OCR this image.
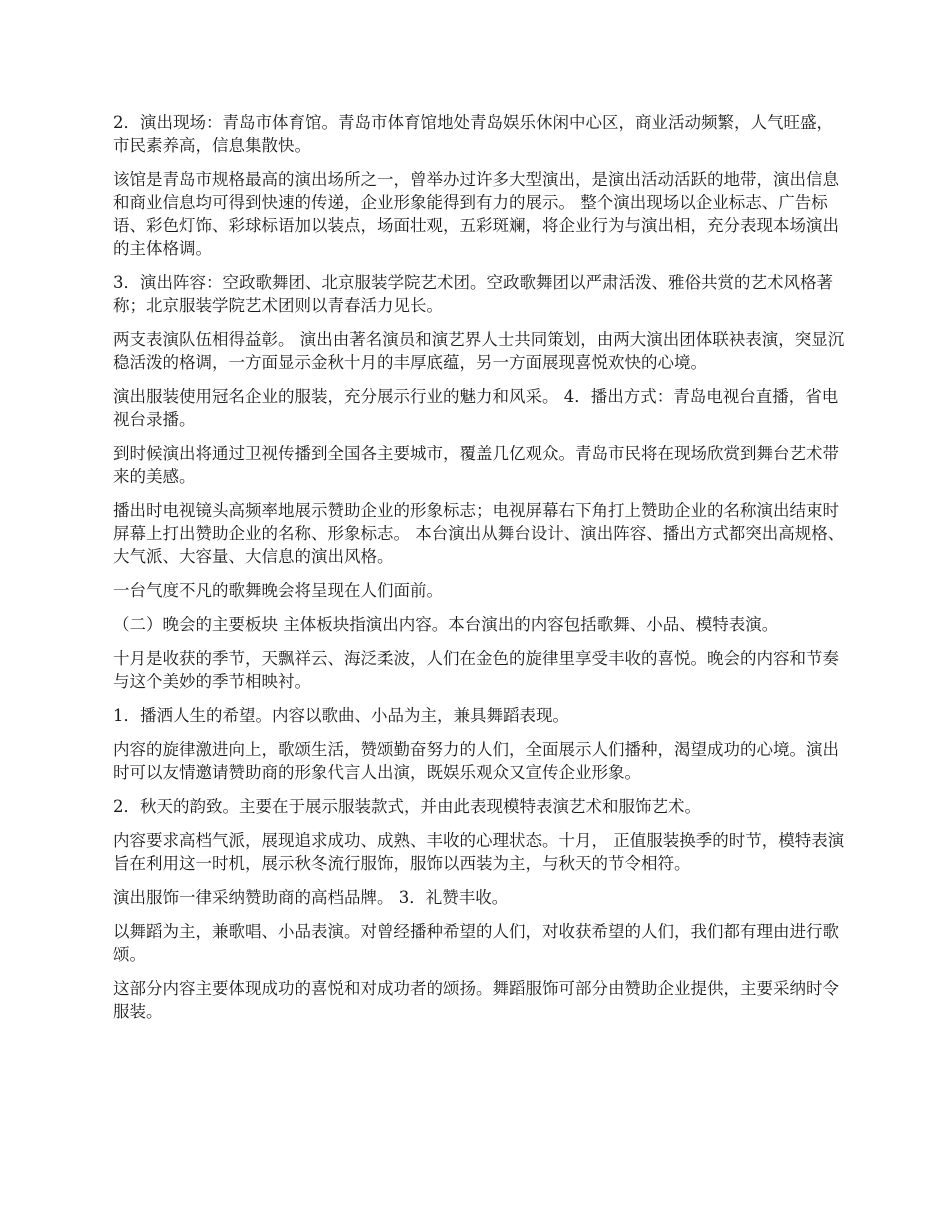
2．演出现场：青岛市体育馆。青岛市体育馆地处青岛娱乐休闲中心区，商业活动频繁，人气旺盛，市民素养高，信息集散快。

该馆是青岛市规格最高的演出场所之一，曾举办过许多大型演出，是演出活动活跃的地带，演出信息和商业信息均可得到快速的传递，企业形象能得到有力的展示。 整个演出现场以企业标志、广告标语、彩色灯饰、彩球标语加以装点，场面壮观，五彩斑斓，将企业行为与演出相，充分表现本场演出的主体格调。

3．演出阵容：空政歌舞团、北京服装学院艺术团。空政歌舞团以严肃活泼、雅俗共赏的艺术风格著称；北京服装学院艺术团则以青春活力见长。

两支表演队伍相得益彰。 演出由著名演员和演艺界人士共同策划，由两大演出团体联袂表演，突显沉稳活泼的格调，一方面显示金秋十月的丰厚底蕴，另一方面展现喜悦欢快的心境。

演出服装使用冠名企业的服装，充分展示行业的魅力和风采。 4．播出方式：青岛电视台直播，省电视台录播。

到时候演出将通过卫视传播到全国各主要城市，覆盖几亿观众。青岛市民将在现场欣赏到舞台艺术带来的美感。

播出时电视镜头高频率地展示赞助企业的形象标志；电视屏幕右下角打上赞助企业的名称演出结束时屏幕上打出赞助企业的名称、形象标志。 本台演出从舞台设计、演出阵容、播出方式都突出高规格、大气派、大容量、大信息的演出风格。

一台气度不凡的歌舞晚会将呈现在人们面前。

（二）晚会的主要板块 主体板块指演出内容。本台演出的内容包括歌舞、小品、模特表演。

十月是收获的季节，天飘祥云、海泛柔波，人们在金色的旋律里享受丰收的喜悦。晚会的内容和节奏与这个美妙的季节相映衬。

1．播洒人生的希望。内容以歌曲、小品为主，兼具舞蹈表现。

内容的旋律激进向上，歌颂生活，赞颂勤奋努力的人们，全面展示人们播种，渴望成功的心境。演出时可以友情邀请赞助商的形象代言人出演，既娱乐观众又宣传企业形象。

2．秋天的韵致。主要在于展示服装款式，并由此表现模特表演艺术和服饰艺术。

内容要求高档气派，展现追求成功、成熟、丰收的心理状态。十月， 正值服装换季的时节，模特表演旨在利用这一时机，展示秋冬流行服饰，服饰以西装为主，与秋天的节令相符。

演出服饰一律采纳赞助商的高档品牌。 3．礼赞丰收。

以舞蹈为主，兼歌唱、小品表演。对曾经播种希望的人们，对收获希望的人们，我们都有理由进行歌颂。

这部分内容主要体现成功的喜悦和对成功者的颂扬。舞蹈服饰可部分由赞助企业提供，主要采纳时令服装。
